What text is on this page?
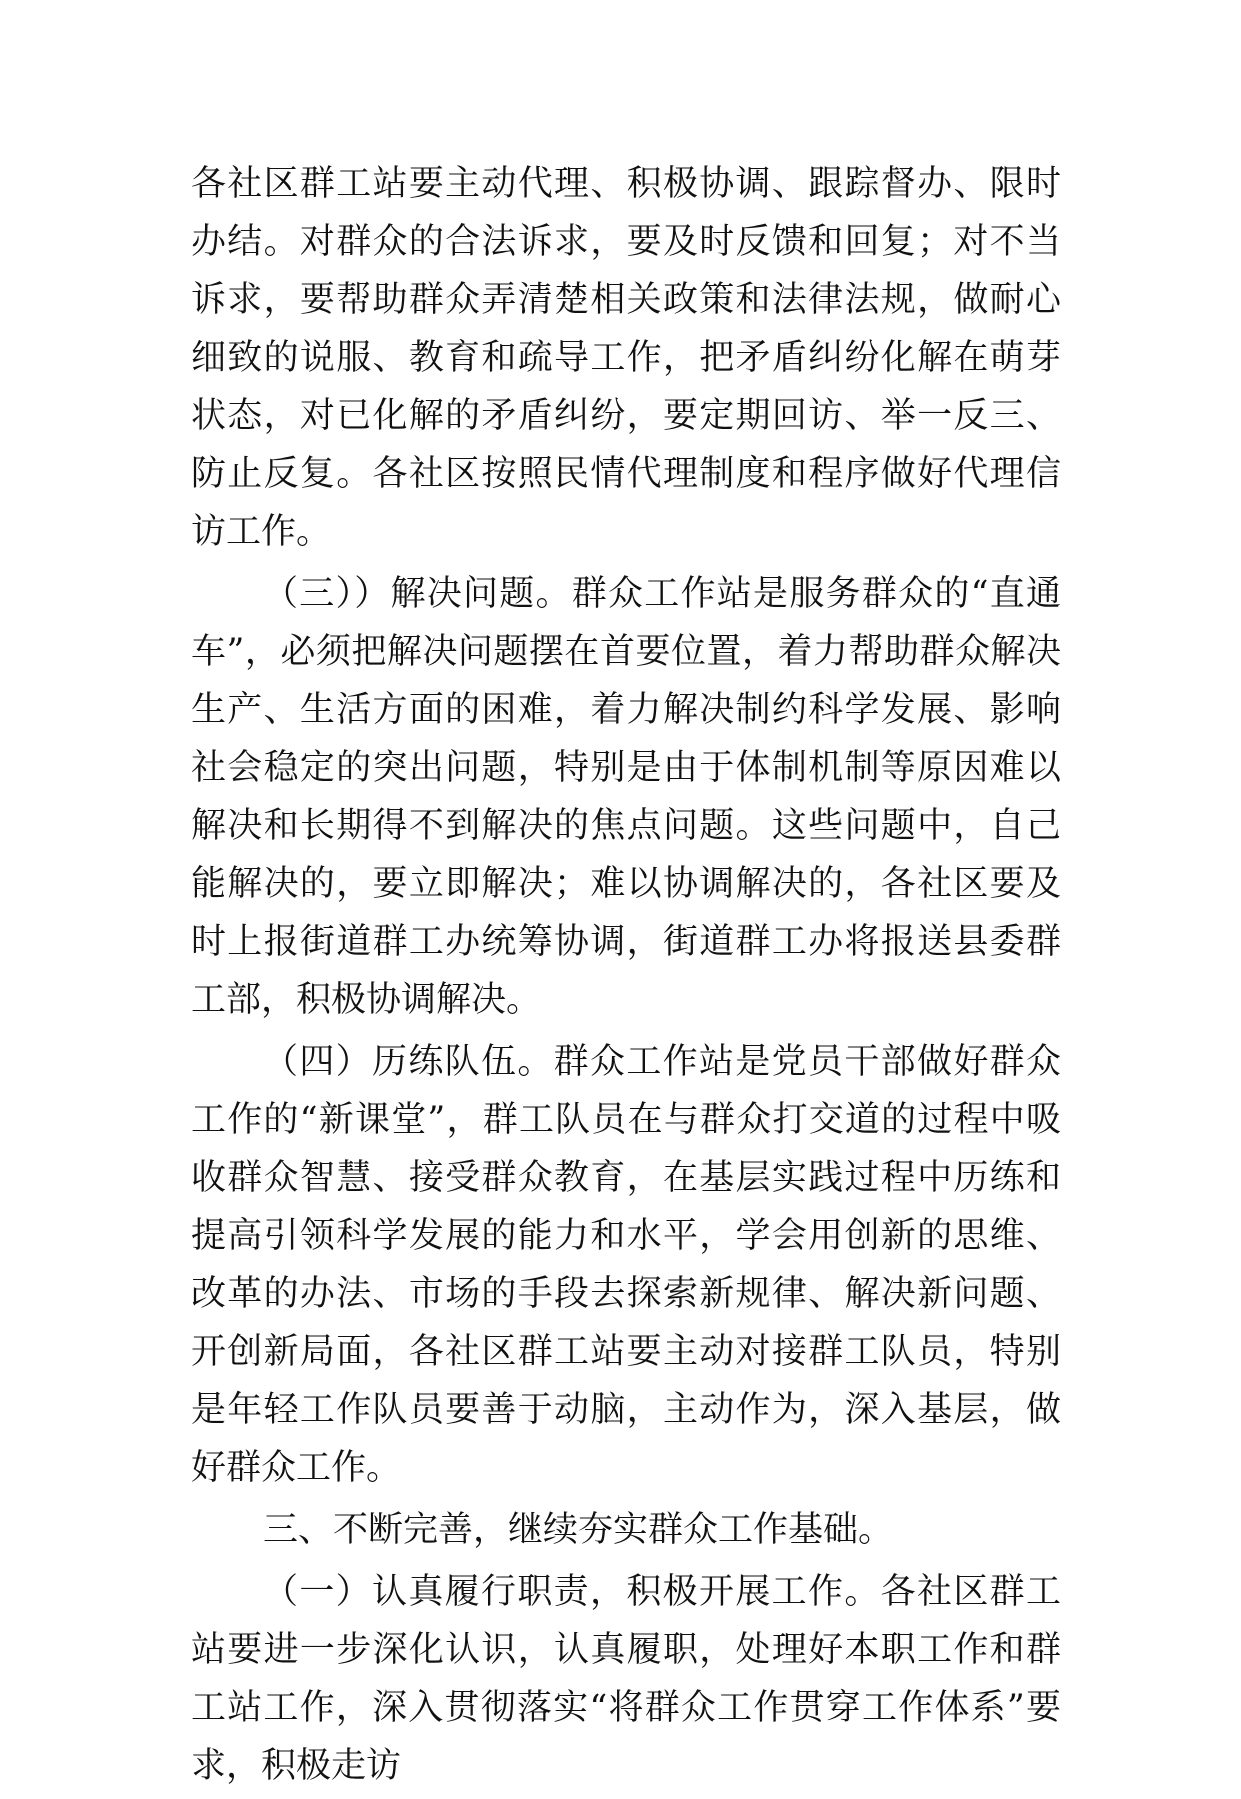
各社区群工站要主动代理、积极协调、跟踪督办、限时办结。对群众的合法诉求，要及时反馈和回复；对不当诉求，要帮助群众弄清楚相关政策和法律法规，做耐心细致的说服、教育和疏导工作，把矛盾纠纷化解在萌芽状态，对已化解的矛盾纠纷，要定期回访、举一反三、防止反复。各社区按照民情代理制度和程序做好代理信访工作。

（三））解决问题。群众工作站是服务群众的“直通车”，必须把解决问题摆在首要位置，着力帮助群众解决生产、生活方面的困难，着力解决制约科学发展、影响社会稳定的突出问题，特别是由于体制机制等原因难以解决和长期得不到解决的焦点问题。这些问题中，自己能解决的，要立即解决；难以协调解决的，各社区要及时上报街道群工办统筹协调，街道群工办将报送县委群工部，积极协调解决。

（四）历练队伍。群众工作站是党员干部做好群众工作的“新课堂”，群工队员在与群众打交道的过程中吸收群众智慧、接受群众教育，在基层实践过程中历练和提高引领科学发展的能力和水平，学会用创新的思维、改革的办法、市场的手段去探索新规律、解决新问题、开创新局面，各社区群工站要主动对接群工队员，特别是年轻工作队员要善于动脑，主动作为，深入基层，做好群众工作。

三、不断完善，继续夯实群众工作基础。

（一）认真履行职责，积极开展工作。各社区群工站要进一步深化认识，认真履职，处理好本职工作和群工站工作，深入贯彻落实“将群众工作贯穿工作体系”要求，积极走访
